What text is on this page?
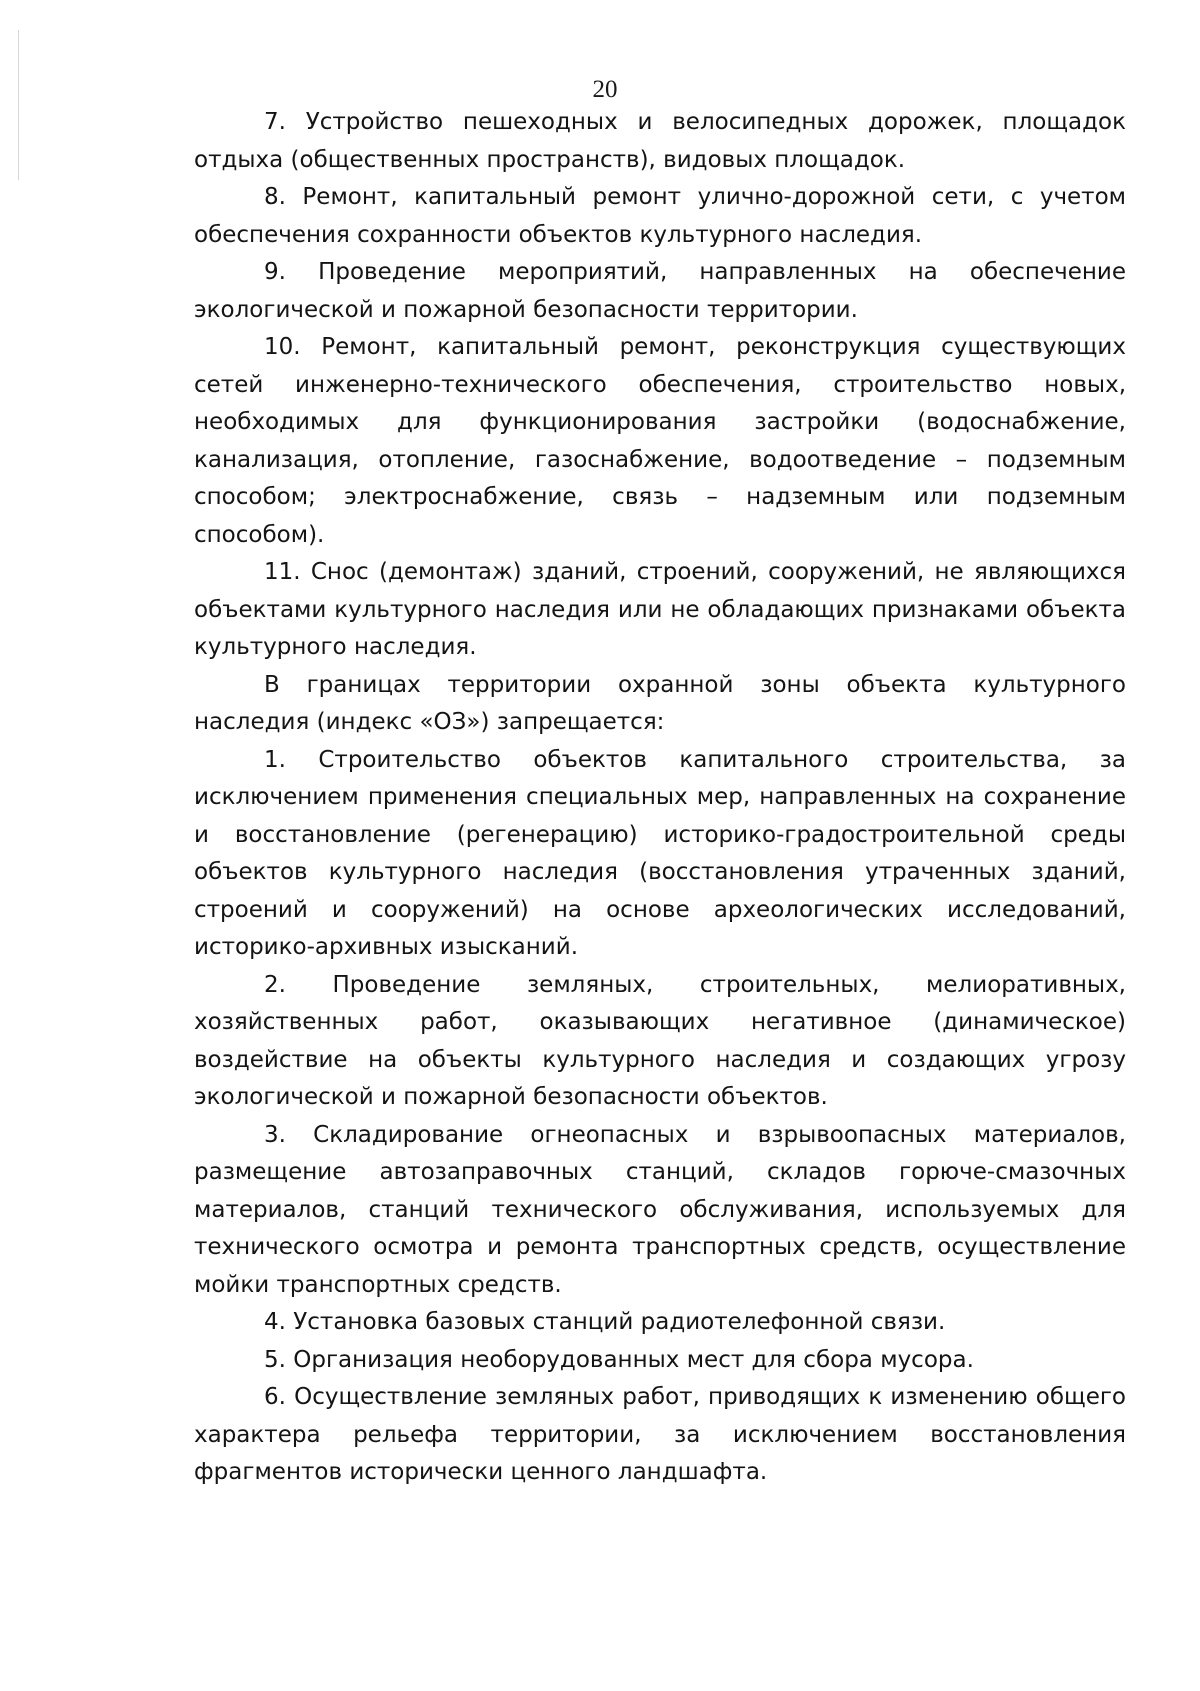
20

7. Устройство пешеходных и велосипедных дорожек, площадок отдыха (общественных пространств), видовых площадок.

8. Ремонт, капитальный ремонт улично-дорожной сети, с учетом обеспечения сохранности объектов культурного наследия.

9. Проведение мероприятий, направленных на обеспечение экологической и пожарной безопасности территории.

10. Ремонт, капитальный ремонт, реконструкция существующих сетей инженерно-технического обеспечения, строительство новых, необходимых для функционирования застройки (водоснабжение, канализация, отопление, газоснабжение, водоотведение – подземным способом; электроснабжение, связь – надземным или подземным способом).

11. Снос (демонтаж) зданий, строений, сооружений, не являющихся объектами культурного наследия или не обладающих признаками объекта культурного наследия.

В границах территории охранной зоны объекта культурного наследия (индекс «ОЗ») запрещается:

1. Строительство объектов капитального строительства, за исключением применения специальных мер, направленных на сохранение и восстановление (регенерацию) историко-градостроительной среды объектов культурного наследия (восстановления утраченных зданий, строений и сооружений) на основе археологических исследований, историко-архивных изысканий.

2. Проведение земляных, строительных, мелиоративных, хозяйственных работ, оказывающих негативное (динамическое) воздействие на объекты культурного наследия и создающих угрозу экологической и пожарной безопасности объектов.

3. Складирование огнеопасных и взрывоопасных материалов, размещение автозаправочных станций, складов горюче-смазочных материалов, станций технического обслуживания, используемых для технического осмотра и ремонта транспортных средств, осуществление мойки транспортных средств.

4. Установка базовых станций радиотелефонной связи.

5. Организация необорудованных мест для сбора мусора.

6. Осуществление земляных работ, приводящих к изменению общего характера рельефа территории, за исключением восстановления фрагментов исторически ценного ландшафта.
